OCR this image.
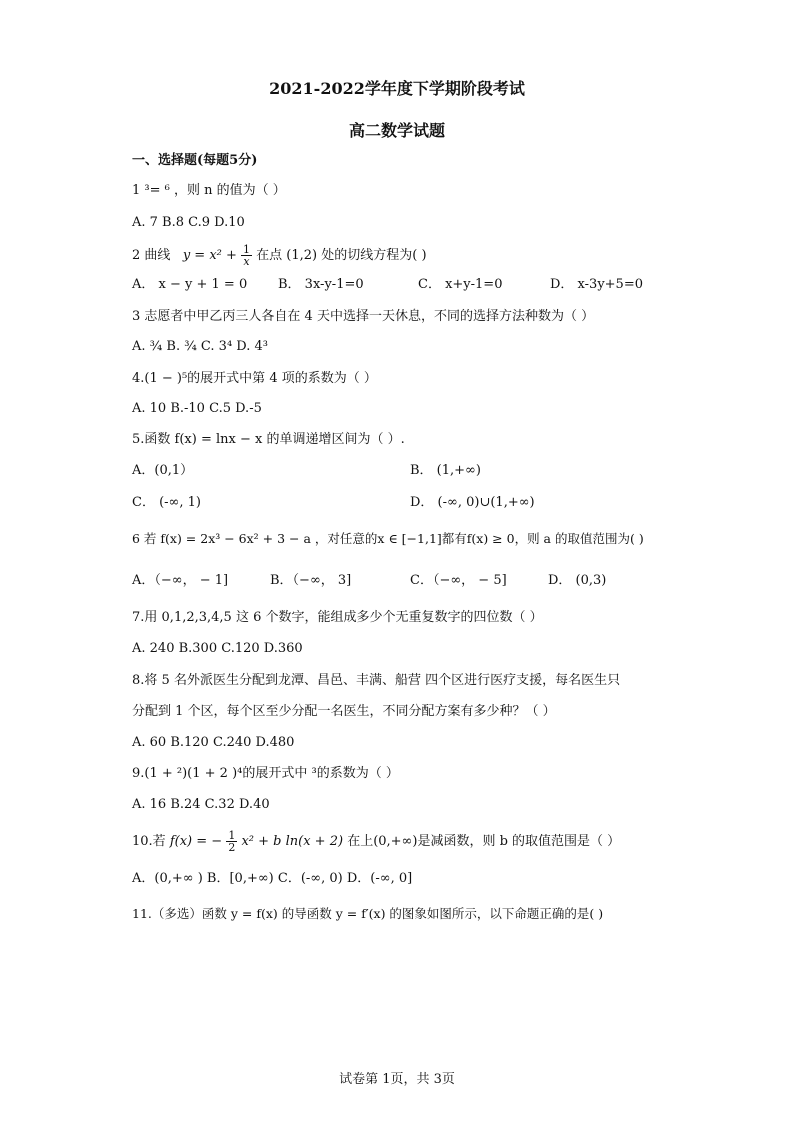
2021-2022学年度下学期阶段考试
高二数学试题
一、选择题(每题5分)
1 ³= ⁶ ，则 n 的值为（ ）
A. 7 B.8 C.9 D.10
2 曲线 $y = x^2 + \frac{1}{x}$ 在点 (1,2) 处的切线方程为( )
A． x − y + 1 = 0 B． 3x-y-1=0	C． x+y-1=0	D． x-3y+5=0
3 志愿者中甲乙丙三人各自在 4 天中选择一天休息，不同的选择方法种数为（ ）
A. ¾ B. ¾ C. 3⁴ D. 4³
4.(1 − )⁵的展开式中第 4 项的系数为（ ）
A. 10 B.-10 C.5 D.-5
5.函数 f(x) = lnx − x 的单调递增区间为（ ）.
A．(0,1）	B． (1,+∞)
C． (-∞, 1)	D． (-∞, 0)∪(1,+∞)
6 若 f(x) = 2x³ − 6x² + 3 − a ，对任意的x ∈ [−1,1]都有f(x) ≥ 0，则 a 的取值范围为( )
A．（−∞， − 1]	B．（−∞， 3]	C．（−∞， − 5]	D． (0,3)
7.用 0,1,2,3,4,5 这 6 个数字，能组成多少个无重复数字的四位数（ ）
A. 240 B.300 C.120 D.360
8.将 5 名外派医生分配到龙潭、昌邑、丰满、船营 四个区进行医疗支援，每名医生只
分配到 1 个区，每个区至少分配一名医生，不同分配方案有多少种？（ ）
A. 60 B.120 C.240 D.480
9.(1 + ²)(1 + 2 )⁴的展开式中 ³的系数为（ ）
A. 16 B.24 C.32 D.40
10.若 f(x) = − $\frac{1}{2} x^2 + b$ ln(x + 2) 在上(0,+∞)是减函数，则 b 的取值范围是（ ）
A．(0,+∞ ) B．[0,+∞) C．(-∞, 0) D．(-∞, 0]
11.（多选）函数 y = f(x) 的导函数 y = f′(x) 的图象如图所示，以下命题正确的是( )
试卷第 1页，共 3页
